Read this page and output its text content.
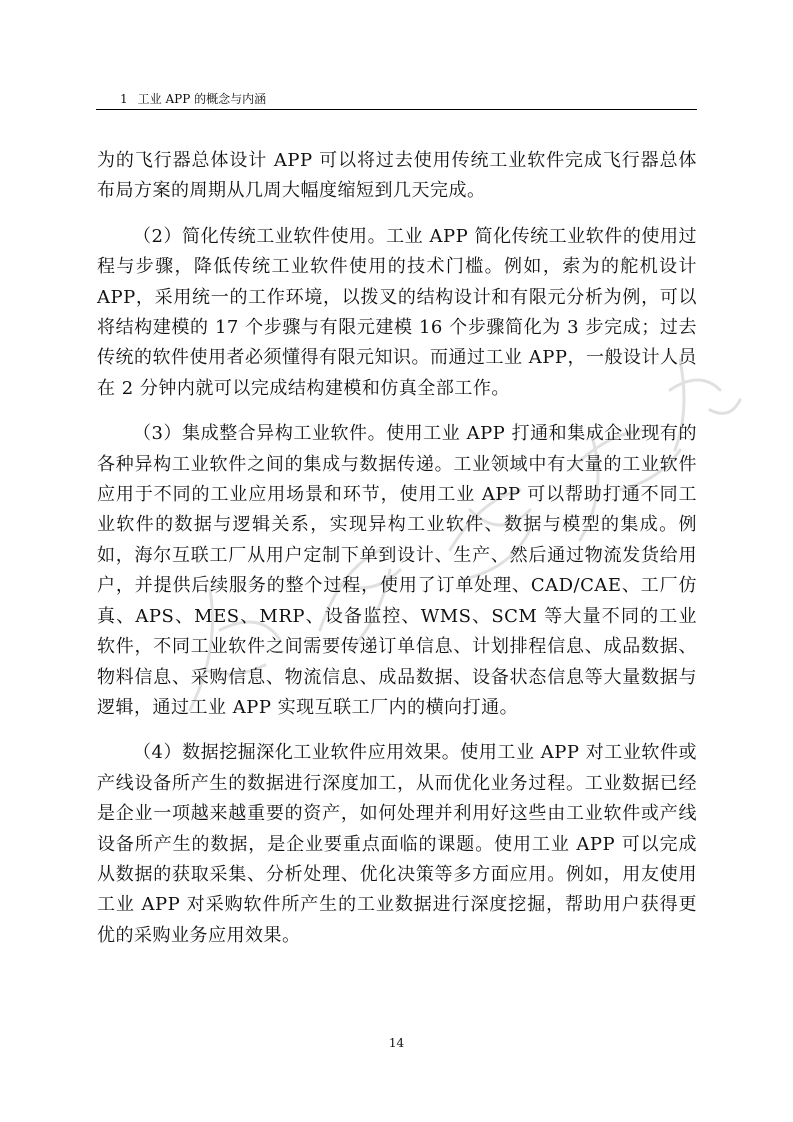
1 工业 APP 的概念与内涵

为的飞行器总体设计 APP 可以将过去使用传统工业软件完成飞行器总体布局方案的周期从几周大幅度缩短到几天完成。

（2）简化传统工业软件使用。工业 APP 简化传统工业软件的使用过程与步骤，降低传统工业软件使用的技术门槛。例如，索为的舵机设计 APP，采用统一的工作环境，以拨叉的结构设计和有限元分析为例，可以将结构建模的 17 个步骤与有限元建模 16 个步骤简化为 3 步完成；过去传统的软件使用者必须懂得有限元知识。而通过工业 APP，一般设计人员在 2 分钟内就可以完成结构建模和仿真全部工作。

（3）集成整合异构工业软件。使用工业 APP 打通和集成企业现有的各种异构工业软件之间的集成与数据传递。工业领域中有大量的工业软件应用于不同的工业应用场景和环节，使用工业 APP 可以帮助打通不同工业软件的数据与逻辑关系，实现异构工业软件、数据与模型的集成。例如，海尔互联工厂从用户定制下单到设计、生产、然后通过物流发货给用户，并提供后续服务的整个过程，使用了订单处理、CAD/CAE、工厂仿真、APS、MES、MRP、设备监控、WMS、SCM 等大量不同的工业软件，不同工业软件之间需要传递订单信息、计划排程信息、成品数据、物料信息、采购信息、物流信息、成品数据、设备状态信息等大量数据与逻辑，通过工业 APP 实现互联工厂内的横向打通。

（4）数据挖掘深化工业软件应用效果。使用工业 APP 对工业软件或产线设备所产生的数据进行深度加工，从而优化业务过程。工业数据已经是企业一项越来越重要的资产，如何处理并利用好这些由工业软件或产线设备所产生的数据，是企业要重点面临的课题。使用工业 APP 可以完成从数据的获取采集、分析处理、优化决策等多方面应用。例如，用友使用工业 APP 对采购软件所产生的工业数据进行深度挖掘，帮助用户获得更优的采购业务应用效果。

14
